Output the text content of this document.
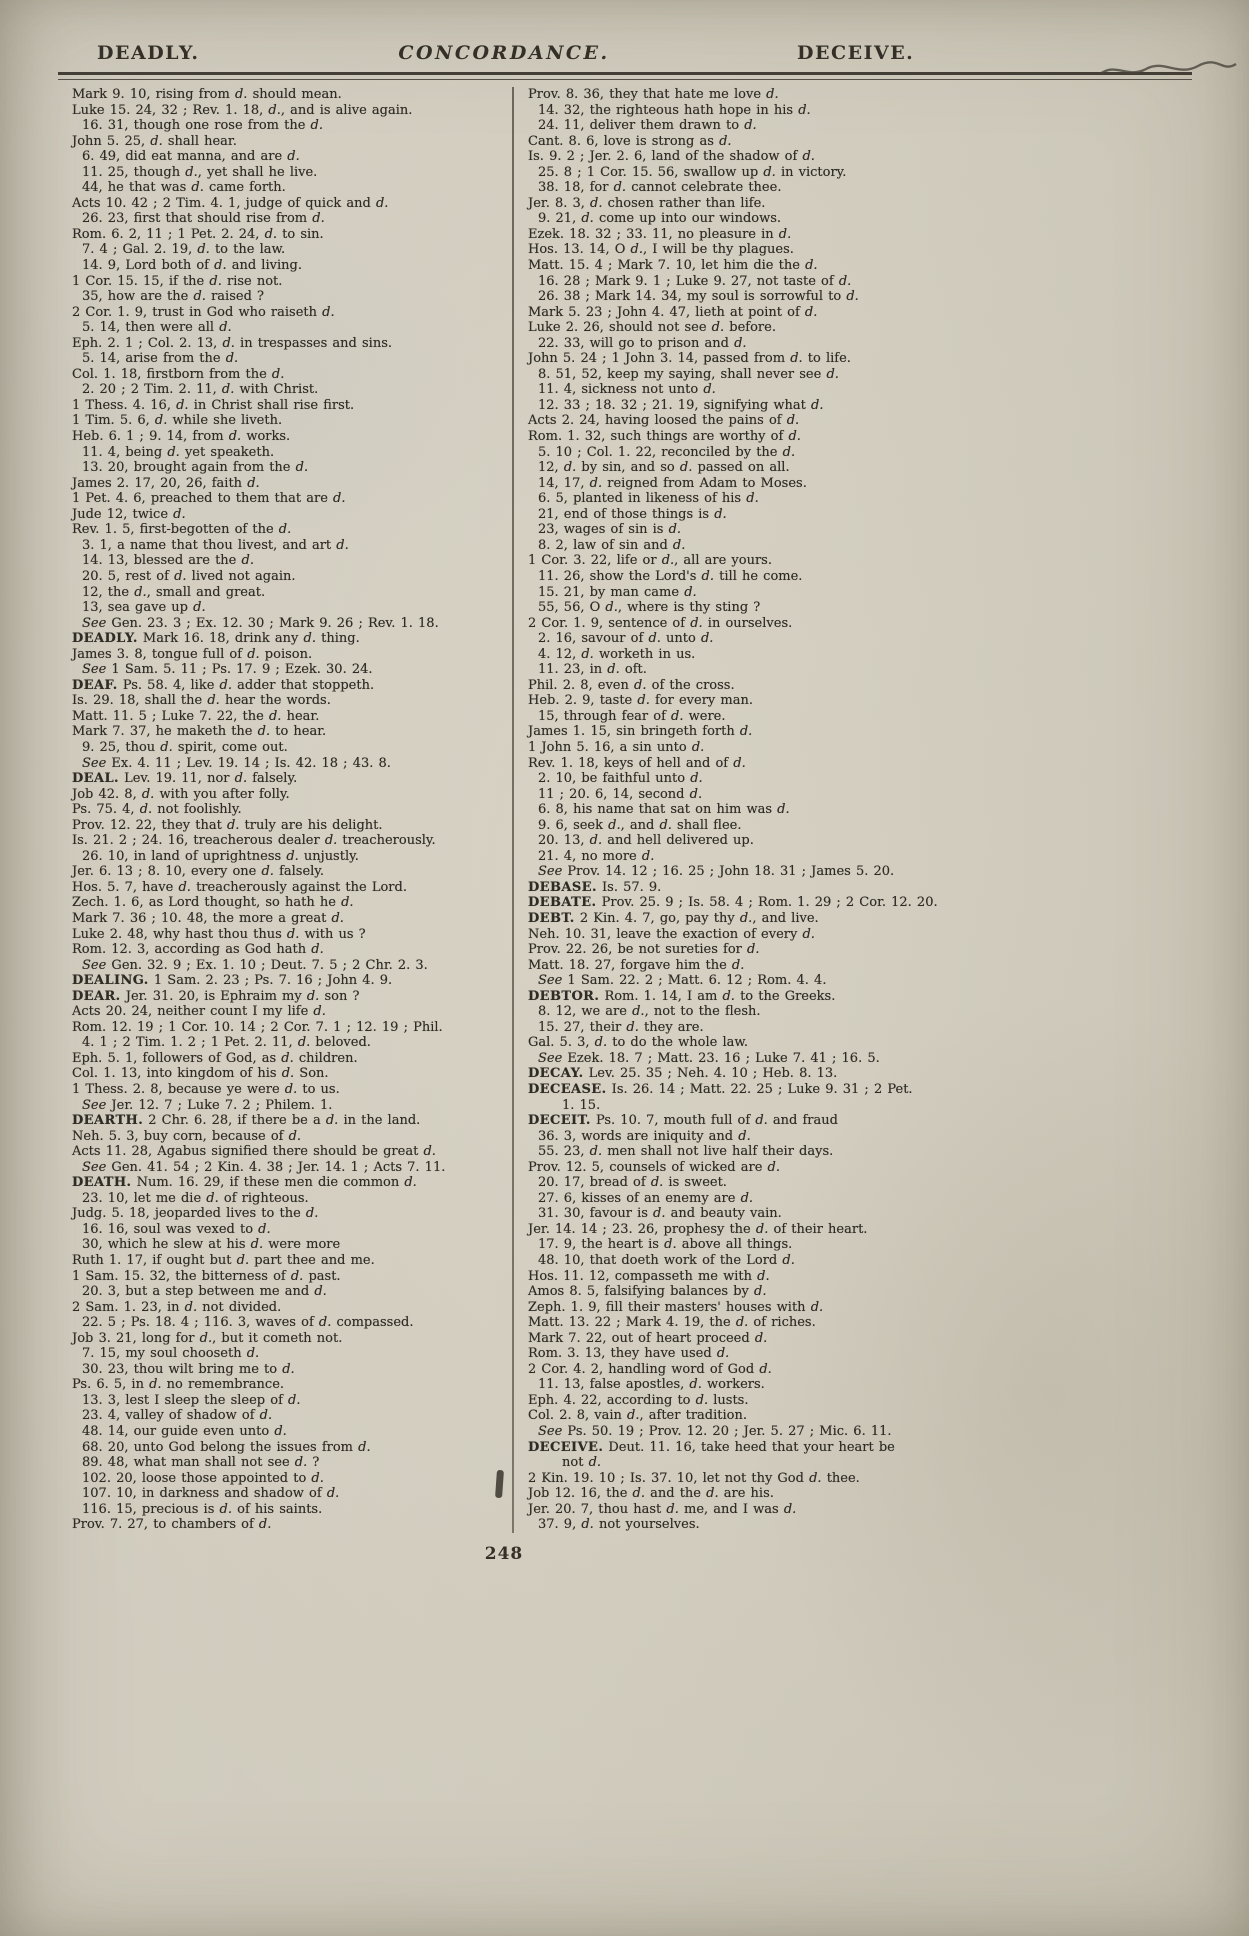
DEADLY.	CONCORDANCE.	DECEIVE.
Mark 9. 10, rising from d. should mean.
Luke 15. 24, 32 ; Rev. 1. 18, d., and is alive again.
16. 31, though one rose from the d.
John 5. 25, d. shall hear.
6. 49, did eat manna, and are d.
11. 25, though d., yet shall he live.
44, he that was d. came forth.
Acts 10. 42 ; 2 Tim. 4. 1, judge of quick and d.
26. 23, first that should rise from d.
Rom. 6. 2, 11 ; 1 Pet. 2. 24, d. to sin.
7. 4 ; Gal. 2. 19, d. to the law.
14. 9, Lord both of d. and living.
1 Cor. 15. 15, if the d. rise not.
35, how are the d. raised ?
2 Cor. 1. 9, trust in God who raiseth d.
5. 14, then were all d.
Eph. 2. 1 ; Col. 2. 13, d. in trespasses and sins.
5. 14, arise from the d.
Col. 1. 18, firstborn from the d.
2. 20 ; 2 Tim. 2. 11, d. with Christ.
1 Thess. 4. 16, d. in Christ shall rise first.
1 Tim. 5. 6, d. while she liveth.
Heb. 6. 1 ; 9. 14, from d. works.
11. 4, being d. yet speaketh.
13. 20, brought again from the d.
James 2. 17, 20, 26, faith d.
1 Pet. 4. 6, preached to them that are d.
Jude 12, twice d.
Rev. 1. 5, first-begotten of the d.
3. 1, a name that thou livest, and art d.
14. 13, blessed are the d.
20. 5, rest of d. lived not again.
12, the d., small and great.
13, sea gave up d.
See Gen. 23. 3 ; Ex. 12. 30 ; Mark 9. 26 ; Rev. 1. 18.
DEADLY. Mark 16. 18, drink any d. thing.
James 3. 8, tongue full of d. poison.
See 1 Sam. 5. 11 ; Ps. 17. 9 ; Ezek. 30. 24.
DEAF. Ps. 58. 4, like d. adder that stoppeth.
Is. 29. 18, shall the d. hear the words.
Matt. 11. 5 ; Luke 7. 22, the d. hear.
Mark 7. 37, he maketh the d. to hear.
9. 25, thou d. spirit, come out.
See Ex. 4. 11 ; Lev. 19. 14 ; Is. 42. 18 ; 43. 8.
DEAL. Lev. 19. 11, nor d. falsely.
Job 42. 8, d. with you after folly.
Ps. 75. 4, d. not foolishly.
Prov. 12. 22, they that d. truly are his delight.
Is. 21. 2 ; 24. 16, treacherous dealer d. treacherously.
26. 10, in land of uprightness d. unjustly.
Jer. 6. 13 ; 8. 10, every one d. falsely.
Hos. 5. 7, have d. treacherously against the Lord.
Zech. 1. 6, as Lord thought, so hath he d.
Mark 7. 36 ; 10. 48, the more a great d.
Luke 2. 48, why hast thou thus d. with us ?
Rom. 12. 3, according as God hath d.
See Gen. 32. 9 ; Ex. 1. 10 ; Deut. 7. 5 ; 2 Chr. 2. 3.
DEALING. 1 Sam. 2. 23 ; Ps. 7. 16 ; John 4. 9.
DEAR. Jer. 31. 20, is Ephraim my d. son ?
Acts 20. 24, neither count I my life d.
Rom. 12. 19 ; 1 Cor. 10. 14 ; 2 Cor. 7. 1 ; 12. 19 ; Phil.
4. 1 ; 2 Tim. 1. 2 ; 1 Pet. 2. 11, d. beloved.
Eph. 5. 1, followers of God, as d. children.
Col. 1. 13, into kingdom of his d. Son.
1 Thess. 2. 8, because ye were d. to us.
See Jer. 12. 7 ; Luke 7. 2 ; Philem. 1.
DEARTH. 2 Chr. 6. 28, if there be a d. in the land.
Neh. 5. 3, buy corn, because of d.
Acts 11. 28, Agabus signified there should be great d.
See Gen. 41. 54 ; 2 Kin. 4. 38 ; Jer. 14. 1 ; Acts 7. 11.
DEATH. Num. 16. 29, if these men die common d.
23. 10, let me die d. of righteous.
Judg. 5. 18, jeoparded lives to the d.
16. 16, soul was vexed to d.
30, which he slew at his d. were more
Ruth 1. 17, if ought but d. part thee and me.
1 Sam. 15. 32, the bitterness of d. past.
20. 3, but a step between me and d.
2 Sam. 1. 23, in d. not divided.
22. 5 ; Ps. 18. 4 ; 116. 3, waves of d. compassed.
Job 3. 21, long for d., but it cometh not.
7. 15, my soul chooseth d.
30. 23, thou wilt bring me to d.
Ps. 6. 5, in d. no remembrance.
13. 3, lest I sleep the sleep of d.
23. 4, valley of shadow of d.
48. 14, our guide even unto d.
68. 20, unto God belong the issues from d.
89. 48, what man shall not see d. ?
102. 20, loose those appointed to d.
107. 10, in darkness and shadow of d.
116. 15, precious is d. of his saints.
Prov. 7. 27, to chambers of d.
Prov. 8. 36, they that hate me love d.
14. 32, the righteous hath hope in his d.
24. 11, deliver them drawn to d.
Cant. 8. 6, love is strong as d.
Is. 9. 2 ; Jer. 2. 6, land of the shadow of d.
25. 8 ; 1 Cor. 15. 56, swallow up d. in victory.
38. 18, for d. cannot celebrate thee.
Jer. 8. 3, d. chosen rather than life.
9. 21, d. come up into our windows.
Ezek. 18. 32 ; 33. 11, no pleasure in d.
Hos. 13. 14, O d., I will be thy plagues.
Matt. 15. 4 ; Mark 7. 10, let him die the d.
16. 28 ; Mark 9. 1 ; Luke 9. 27, not taste of d.
26. 38 ; Mark 14. 34, my soul is sorrowful to d.
Mark 5. 23 ; John 4. 47, lieth at point of d.
Luke 2. 26, should not see d. before.
22. 33, will go to prison and d.
John 5. 24 ; 1 John 3. 14, passed from d. to life.
8. 51, 52, keep my saying, shall never see d.
11. 4, sickness not unto d.
12. 33 ; 18. 32 ; 21. 19, signifying what d.
Acts 2. 24, having loosed the pains of d.
Rom. 1. 32, such things are worthy of d.
5. 10 ; Col. 1. 22, reconciled by the d.
12, d. by sin, and so d. passed on all.
14, 17, d. reigned from Adam to Moses.
6. 5, planted in likeness of his d.
21, end of those things is d.
23, wages of sin is d.
8. 2, law of sin and d.
1 Cor. 3. 22, life or d., all are yours.
11. 26, show the Lord's d. till he come.
15. 21, by man came d.
55, 56, O d., where is thy sting ?
2 Cor. 1. 9, sentence of d. in ourselves.
2. 16, savour of d. unto d.
4. 12, d. worketh in us.
11. 23, in d. oft.
Phil. 2. 8, even d. of the cross.
Heb. 2. 9, taste d. for every man.
15, through fear of d. were.
James 1. 15, sin bringeth forth d.
1 John 5. 16, a sin unto d.
Rev. 1. 18, keys of hell and of d.
2. 10, be faithful unto d.
11 ; 20. 6, 14, second d.
6. 8, his name that sat on him was d.
9. 6, seek d., and d. shall flee.
20. 13, d. and hell delivered up.
21. 4, no more d.
See Prov. 14. 12 ; 16. 25 ; John 18. 31 ; James 5. 20.
DEBASE. Is. 57. 9.
DEBATE. Prov. 25. 9 ; Is. 58. 4 ; Rom. 1. 29 ; 2 Cor. 12. 20.
DEBT. 2 Kin. 4. 7, go, pay thy d., and live.
Neh. 10. 31, leave the exaction of every d.
Prov. 22. 26, be not sureties for d.
Matt. 18. 27, forgave him the d.
See 1 Sam. 22. 2 ; Matt. 6. 12 ; Rom. 4. 4.
DEBTOR. Rom. 1. 14, I am d. to the Greeks.
8. 12, we are d., not to the flesh.
15. 27, their d. they are.
Gal. 5. 3, d. to do the whole law.
See Ezek. 18. 7 ; Matt. 23. 16 ; Luke 7. 41 ; 16. 5.
DECAY. Lev. 25. 35 ; Neh. 4. 10 ; Heb. 8. 13.
DECEASE. Is. 26. 14 ; Matt. 22. 25 ; Luke 9. 31 ; 2 Pet.
1. 15.
DECEIT. Ps. 10. 7, mouth full of d. and fraud
36. 3, words are iniquity and d.
55. 23, d. men shall not live half their days.
Prov. 12. 5, counsels of wicked are d.
20. 17, bread of d. is sweet.
27. 6, kisses of an enemy are d.
31. 30, favour is d. and beauty vain.
Jer. 14. 14 ; 23. 26, prophesy the d. of their heart.
17. 9, the heart is d. above all things.
48. 10, that doeth work of the Lord d.
Hos. 11. 12, compasseth me with d.
Amos 8. 5, falsifying balances by d.
Zeph. 1. 9, fill their masters' houses with d.
Matt. 13. 22 ; Mark 4. 19, the d. of riches.
Mark 7. 22, out of heart proceed d.
Rom. 3. 13, they have used d.
2 Cor. 4. 2, handling word of God d.
11. 13, false apostles, d. workers.
Eph. 4. 22, according to d. lusts.
Col. 2. 8, vain d., after tradition.
See Ps. 50. 19 ; Prov. 12. 20 ; Jer. 5. 27 ; Mic. 6. 11.
DECEIVE. Deut. 11. 16, take heed that your heart be
not d.
2 Kin. 19. 10 ; Is. 37. 10, let not thy God d. thee.
Job 12. 16, the d. and the d. are his.
Jer. 20. 7, thou hast d. me, and I was d.
37. 9, d. not yourselves.
248
